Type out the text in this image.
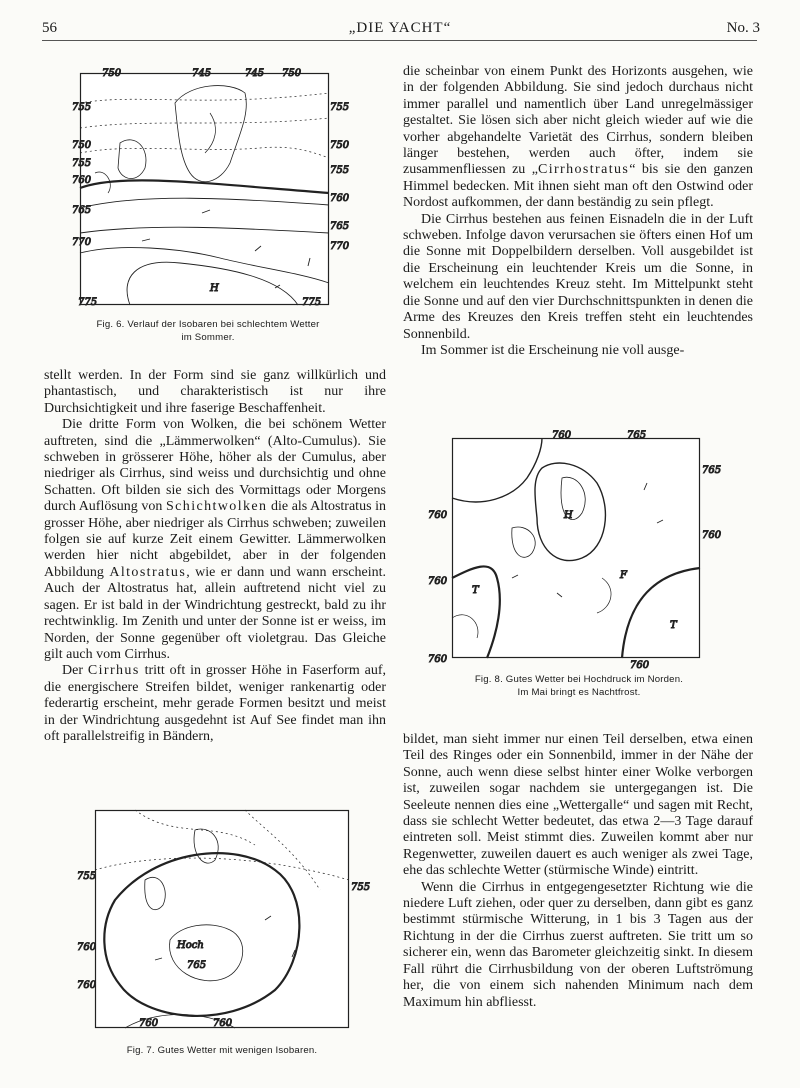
56	„DIE YACHT“	No. 3
750	745	745 750
755
750
755
760
765
770
755
750
755
760
765
770
H
775	775
Fig. 6. Verlauf der Isobaren bei schlechtem Wetter
im Sommer.

stellt werden. In der Form sind sie ganz willkürlich und phantastisch, und charakteristisch ist nur ihre Durchsichtigkeit und ihre faserige Beschaffenheit.

Die dritte Form von Wolken, die bei schönem Wetter auftreten, sind die „Lämmerwolken“ (Alto-Cumulus). Sie schweben in grösserer Höhe, höher als der Cumulus, aber niedriger als Cirrhus, sind weiss und durchsichtig und ohne Schatten. Oft bilden sie sich des Vormittags oder Morgens durch Auflösung von Schichtwolken die als Altostratus in grosser Höhe, aber niedriger als Cirrhus schweben; zuweilen folgen sie auf kurze Zeit einem Gewitter. Lämmerwolken werden hier nicht abgebildet, aber in der folgenden Abbildung Altostratus, wie er dann und wann erscheint. Auch der Altostratus hat, allein auftretend nicht viel zu sagen. Er ist bald in der Windrichtung gestreckt, bald zu ihr rechtwinklig. Im Zenith und unter der Sonne ist er weiss, im Norden, der Sonne gegenüber oft violetgrau. Das Gleiche gilt auch vom Cirrhus.

Der Cirrhus tritt oft in grosser Höhe in Faserform auf, die energischere Streifen bildet, weniger rankenartig oder federartig erscheint, mehr gerade Formen besitzt und meist in der Windrichtung ausgedehnt ist Auf See findet man ihn oft parallelstreifig in Bändern,

755
760
760
755
Hoch
765
760	760
Fig. 7. Gutes Wetter mit wenigen Isobaren.

die scheinbar von einem Punkt des Horizonts ausgehen, wie in der folgenden Abbildung. Sie sind jedoch durchaus nicht immer parallel und namentlich über Land unregelmässiger gestaltet. Sie lösen sich aber nicht gleich wieder auf wie die vorher abgehandelte Varietät des Cirrhus, sondern bleiben länger bestehen, werden auch öfter, indem sie zusammenfliessen zu „Cirrhostratus“ bis sie den ganzen Himmel bedecken. Mit ihnen sieht man oft den Ostwind oder Nordost aufkommen, der dann beständig zu sein pflegt.

Die Cirrhus bestehen aus feinen Eisnadeln die in der Luft schweben. Infolge davon verursachen sie öfters einen Hof um die Sonne mit Doppelbildern derselben. Voll ausgebildet ist die Erscheinung ein leuchtender Kreis um die Sonne, in welchem ein leuchtendes Kreuz steht. Im Mittelpunkt steht die Sonne und auf den vier Durchschnittspunkten in denen die Arme des Kreuzes den Kreis treffen steht ein leuchtendes Sonnenbild.

Im Sommer ist die Erscheinung nie voll ausge-

760	765
765
760
760
760
760
760
H
T
T
F
Fig. 8. Gutes Wetter bei Hochdruck im Norden.
Im Mai bringt es Nachtfrost.

bildet, man sieht immer nur einen Teil derselben, etwa einen Teil des Ringes oder ein Sonnenbild, immer in der Nähe der Sonne, auch wenn diese selbst hinter einer Wolke verborgen ist, zuweilen sogar nachdem sie untergegangen ist. Die Seeleute nennen dies eine „Wettergalle“ und sagen mit Recht, dass sie schlecht Wetter bedeutet, das etwa 2—3 Tage darauf eintreten soll. Meist stimmt dies. Zuweilen kommt aber nur Regenwetter, zuweilen dauert es auch weniger als zwei Tage, ehe das schlechte Wetter (stürmische Winde) eintritt.

Wenn die Cirrhus in entgegengesetzter Richtung wie die niedere Luft ziehen, oder quer zu derselben, dann gibt es ganz bestimmt stürmische Witterung, in 1 bis 3 Tagen aus der Richtung in der die Cirrhus zuerst auftreten. Sie tritt um so sicherer ein, wenn das Barometer gleichzeitig sinkt. In diesem Fall rührt die Cirrhusbildung von der oberen Luftströmung her, die von einem sich nahenden Minimum nach dem Maximum hin abfliesst.
